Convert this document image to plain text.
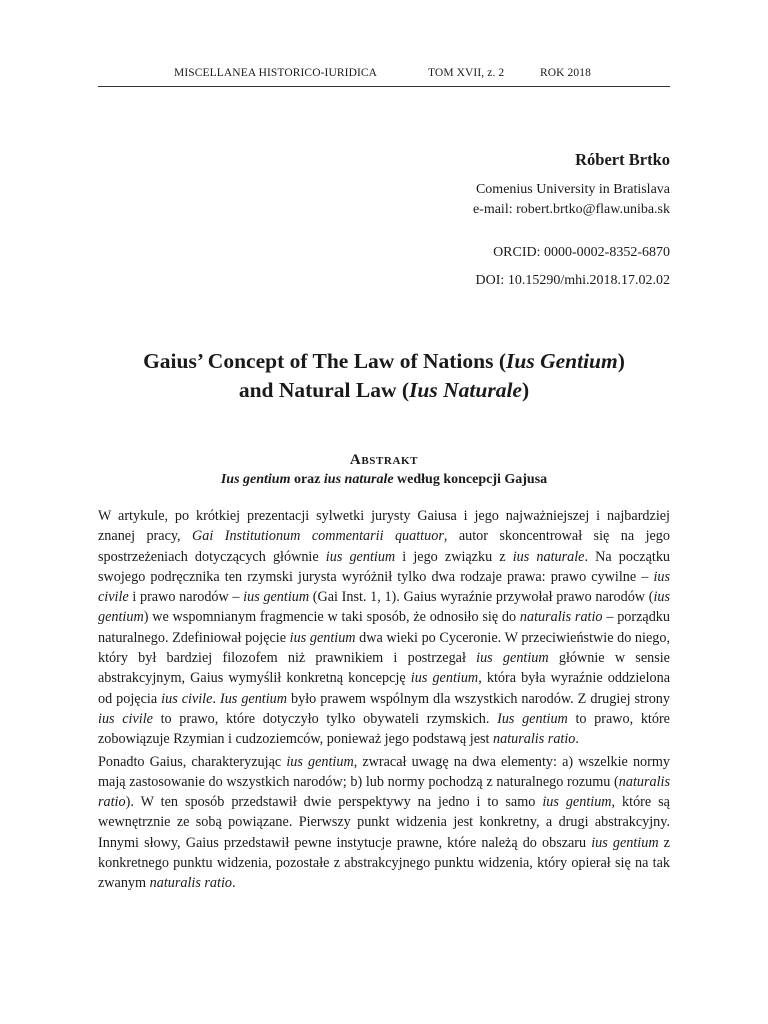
MISCELLANEA HISTORICO-IURIDICA	TOM XVII, z. 2	ROK 2018
Róbert Brtko
Comenius University in Bratislava
e-mail: robert.brtko@flaw.uniba.sk
ORCID: 0000-0002-8352-6870
DOI: 10.15290/mhi.2018.17.02.02
Gaius’ Concept of The Law of Nations (Ius Gentium)
and Natural Law (Ius Naturale)
Abstrakt
Ius gentium oraz ius naturale według koncepcji Gajusa

W artykule, po krótkiej prezentacji sylwetki jurysty Gaiusa i jego najważniejszej i najbardziej znanej pracy, Gai Institutionum commentarii quattuor, autor skoncentrował się na jego spostrzeżeniach dotyczących głównie ius gentium i jego związku z ius naturale. Na początku swojego podręcznika ten rzymski jurysta wyróżnił tylko dwa rodzaje prawa: prawo cywilne – ius civile i prawo narodów – ius gentium (Gai Inst. 1, 1). Gaius wyraźnie przywołał prawo narodów (ius gentium) we wspomnianym fragmencie w taki sposób, że odnosiło się do naturalis ratio – porządku naturalnego. Zdefiniował pojęcie ius gentium dwa wieki po Cyceronie. W przeciwieństwie do niego, który był bardziej filozofem niż prawnikiem i postrzegał ius gentium głównie w sensie abstrakcyjnym, Gaius wymyślił konkretną koncepcję ius gentium, która była wyraźnie oddzielona od pojęcia ius civile. Ius gentium było prawem wspólnym dla wszystkich narodów. Z drugiej strony ius civile to prawo, które dotyczyło tylko obywateli rzymskich. Ius gentium to prawo, które zobowiązuje Rzymian i cudzoziemców, ponieważ jego podstawą jest naturalis ratio.

Ponadto Gaius, charakteryzując ius gentium, zwracał uwagę na dwa elementy: a) wszelkie normy mają zastosowanie do wszystkich narodów; b) lub normy pochodzą z naturalnego rozumu (naturalis ratio). W ten sposób przedstawił dwie perspektywy na jedno i to samo ius gentium, które są wewnętrznie ze sobą powiązane. Pierwszy punkt widzenia jest konkretny, a drugi abstrakcyjny. Innymi słowy, Gaius przedstawił pewne instytucje prawne, które należą do obszaru ius gentium z konkretnego punktu widzenia, pozostałe z abstrakcyjnego punktu widzenia, który opierał się na tak zwanym naturalis ratio.
